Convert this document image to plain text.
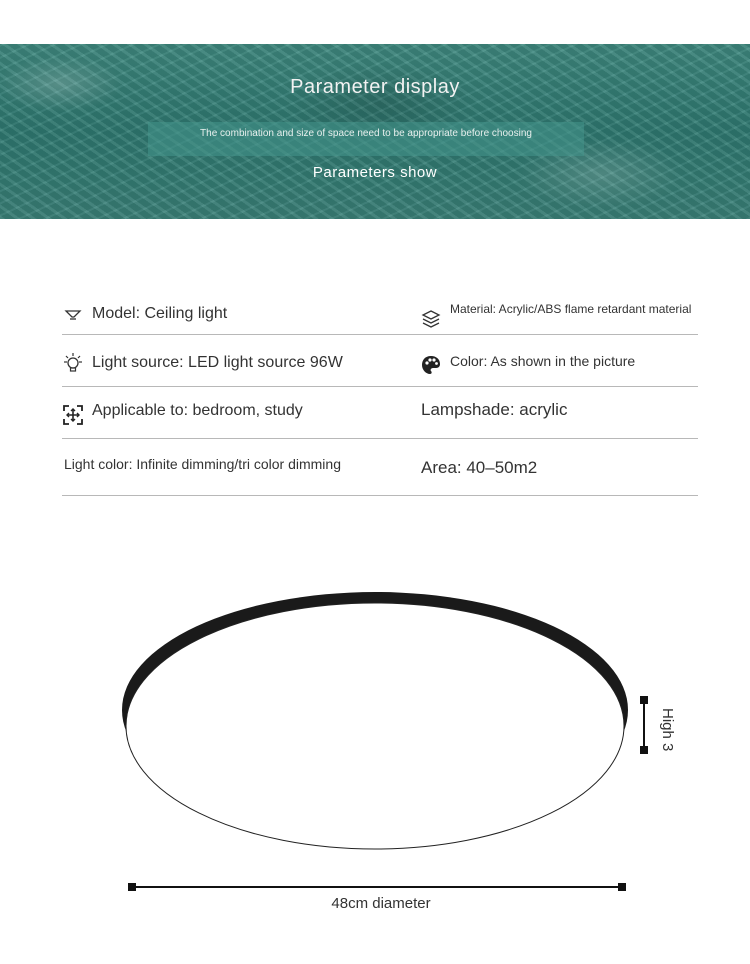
Parameter display
The combination and size of space need to be appropriate before choosing
Parameters show
Model: Ceiling light	Material: Acrylic/ABS flame retardant material
Light source: LED light source 96W	Color: As shown in the picture
Applicable to: bedroom, study	Lampshade: acrylic
Light color: Infinite dimming/tri color dimming	Area: 40–50m2
High 3
48cm diameter
